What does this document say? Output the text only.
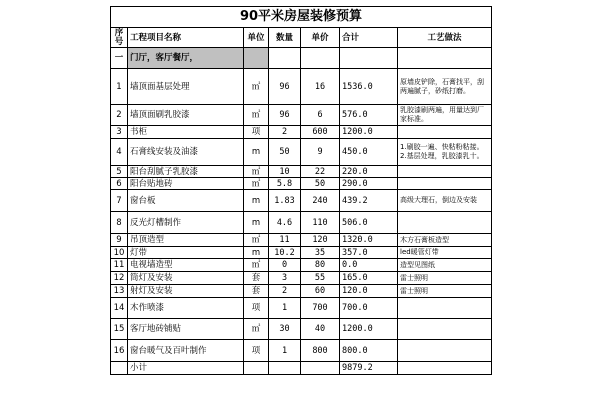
90平米房屋装修预算						

序
号	工程项目名称	单位	数量	单价	合计	工艺做法
一	门厅，客厅餐厅，					
1	墙顶面基层处理	㎡	96	16	1536.0	原墙皮铲除，石膏找平，刮两遍腻子，砂纸打磨。
2	墙顶面刷乳胶漆	㎡	96	6	576.0	乳胶漆刷两遍，用量达到厂家标准。
3	书柜	项	2	600	1200.0	
4	石膏线安装及油漆	m	50	9	450.0	1.刷胶一遍、快粘粉粘接。2.基层处理，乳胶漆乳十。
5	阳台刮腻子乳胶漆	㎡	10	22	220.0	
6	阳台贴地砖	㎡	5.8	50	290.0	
7	窗台板	m	1.83	240	439.2	高级大理石，倒边及安装
8	反光灯槽制作	m	4.6	110	506.0	
9	吊顶造型	㎡	11	120	1320.0	木方石膏板造型
10	灯带	m	10.2	35	357.0	led暖管灯带
11	电视墙造型	㎡	0	80	0.0	造型见图纸
12	筒灯及安装	套	3	55	165.0	雷士照明
13	射灯及安装	套	2	60	120.0	雷士照明
14	木作喷漆	项	1	700	700.0	
15	客厅地砖铺贴	㎡	30	40	1200.0	
16	窗台暖气及百叶制作	项	1	800	800.0	
	小计				9879.2	
